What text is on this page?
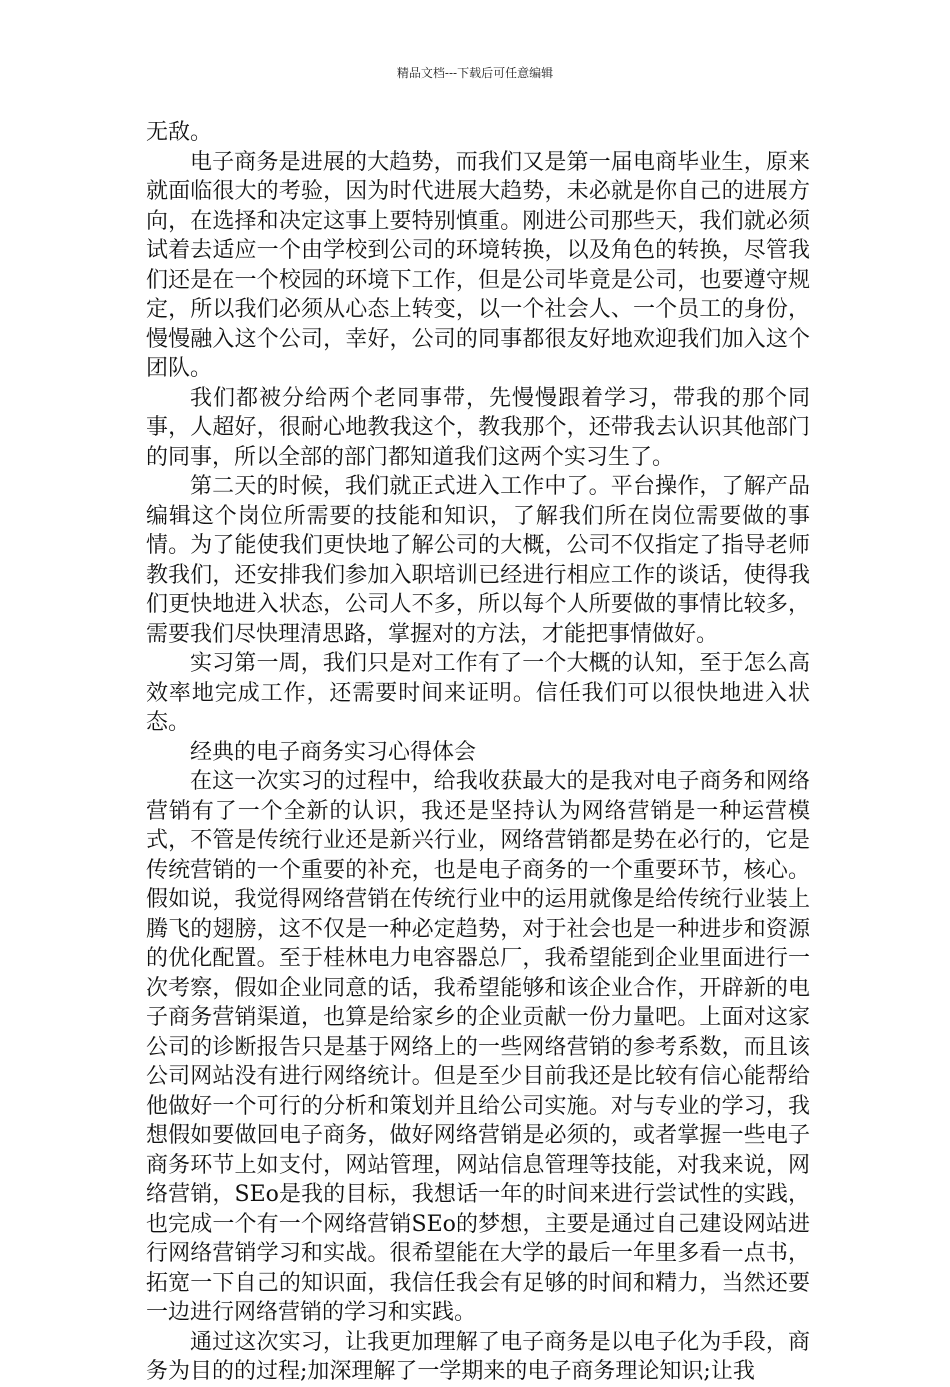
精品文档---下载后可任意编辑

无敌。

电子商务是进展的大趋势，而我们又是第一届电商毕业生，原来就面临很大的考验，因为时代进展大趋势，未必就是你自己的进展方向，在选择和决定这事上要特别慎重。刚进公司那些天，我们就必须试着去适应一个由学校到公司的环境转换，以及角色的转换，尽管我们还是在一个校园的环境下工作，但是公司毕竟是公司，也要遵守规定，所以我们必须从心态上转变，以一个社会人、一个员工的身份，慢慢融入这个公司，幸好，公司的同事都很友好地欢迎我们加入这个团队。

我们都被分给两个老同事带，先慢慢跟着学习，带我的那个同事，人超好，很耐心地教我这个，教我那个，还带我去认识其他部门的同事，所以全部的部门都知道我们这两个实习生了。

第二天的时候，我们就正式进入工作中了。平台操作，了解产品编辑这个岗位所需要的技能和知识，了解我们所在岗位需要做的事情。为了能使我们更快地了解公司的大概，公司不仅指定了指导老师教我们，还安排我们参加入职培训已经进行相应工作的谈话，使得我们更快地进入状态，公司人不多，所以每个人所要做的事情比较多，需要我们尽快理清思路，掌握对的方法，才能把事情做好。

实习第一周，我们只是对工作有了一个大概的认知，至于怎么高效率地完成工作，还需要时间来证明。信任我们可以很快地进入状态。

经典的电子商务实习心得体会

在这一次实习的过程中，给我收获最大的是我对电子商务和网络营销有了一个全新的认识，我还是坚持认为网络营销是一种运营模式，不管是传统行业还是新兴行业，网络营销都是势在必行的，它是传统营销的一个重要的补充，也是电子商务的一个重要环节，核心。假如说，我觉得网络营销在传统行业中的运用就像是给传统行业装上腾飞的翅膀，这不仅是一种必定趋势，对于社会也是一种进步和资源的优化配置。至于桂林电力电容器总厂，我希望能到企业里面进行一次考察，假如企业同意的话，我希望能够和该企业合作，开辟新的电子商务营销渠道，也算是给家乡的企业贡献一份力量吧。上面对这家公司的诊断报告只是基于网络上的一些网络营销的参考系数，而且该公司网站没有进行网络统计。但是至少目前我还是比较有信心能帮给他做好一个可行的分析和策划并且给公司实施。对与专业的学习，我想假如要做回电子商务，做好网络营销是必须的，或者掌握一些电子商务环节上如支付，网站管理，网站信息管理等技能，对我来说，网络营销，SEo是我的目标，我想话一年的时间来进行尝试性的实践，也完成一个有一个网络营销SEo的梦想，主要是通过自己建设网站进行网络营销学习和实战。很希望能在大学的最后一年里多看一点书，拓宽一下自己的知识面，我信任我会有足够的时间和精力，当然还要一边进行网络营销的学习和实践。

通过这次实习，让我更加理解了电子商务是以电子化为手段，商务为目的的过程;加深理解了一学期来的电子商务理论知识;让我
